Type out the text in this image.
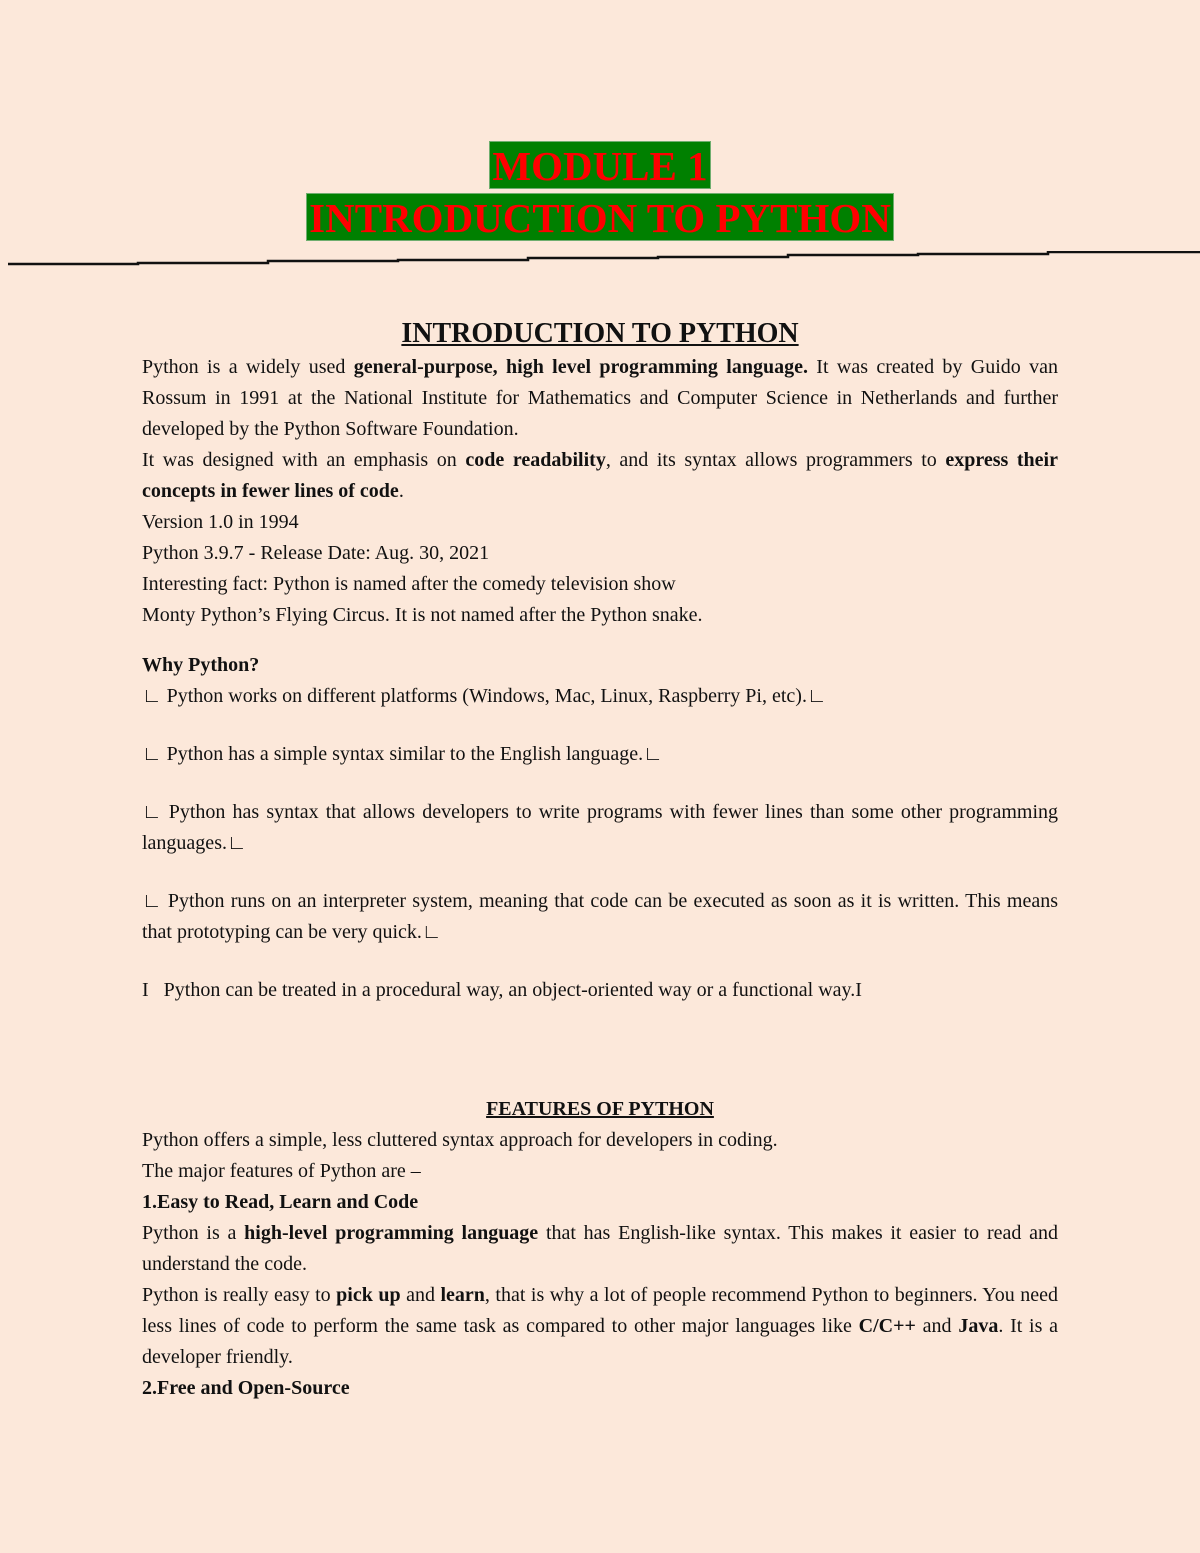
MODULE 1
INTRODUCTION TO PYTHON

INTRODUCTION TO PYTHON

Python is a widely used general-purpose, high level programming language. It was created by Guido van Rossum in 1991 at the National Institute for Mathematics and Computer Science in Netherlands and further developed by the Python Software Foundation.

It was designed with an emphasis on code readability, and its syntax allows programmers to express their concepts in fewer lines of code.

Version 1.0 in 1994

Python 3.9.7 - Release Date: Aug. 30, 2021

Interesting fact: Python is named after the comedy television show

Monty Python’s Flying Circus. It is not named after the Python snake.

Why Python?

∟ Python works on different platforms (Windows, Mac, Linux, Raspberry Pi, etc).∟

∟ Python has a simple syntax similar to the English language.∟

∟ Python has syntax that allows developers to write programs with fewer lines than some other programming languages.∟

∟ Python runs on an interpreter system, meaning that code can be executed as soon as it is written. This means that prototyping can be very quick.∟

I   Python can be treated in a procedural way, an object-oriented way or a functional way.I

FEATURES OF PYTHON

Python offers a simple, less cluttered syntax approach for developers in coding.

The major features of Python are –

1.Easy to Read, Learn and Code

Python is a high-level programming language that has English-like syntax. This makes it easier to read and understand the code.

Python is really easy to pick up and learn, that is why a lot of people recommend Python to beginners. You need less lines of code to perform the same task as compared to other major languages like C/C++ and Java. It is a developer friendly.

2.Free and Open-Source
